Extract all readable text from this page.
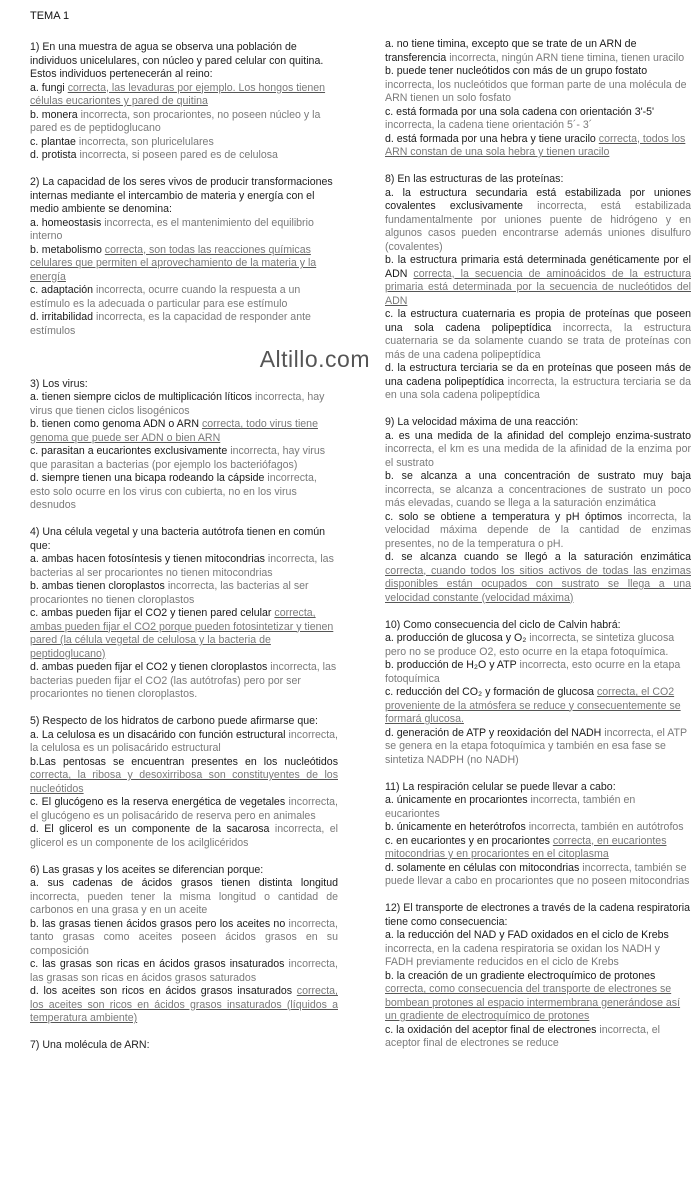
TEMA 1
1) En una muestra de agua se observa una población de individuos unicelulares, con núcleo y pared celular con quitina. Estos individuos pertenecerán al reino:
a. fungi correcta, las levaduras por ejemplo. Los hongos tienen células eucariontes y pared de quitina
b. monera incorrecta, son procariontes, no poseen núcleo y la pared es de peptidoglucano
c. plantae incorrecta, son pluricelulares
d. protista incorrecta, si poseen pared es de celulosa
2) La capacidad de los seres vivos de producir transformaciones internas mediante el intercambio de materia y energía con el medio ambiente se denomina:
a. homeostasis incorrecta, es el mantenimiento del equilibrio interno
b. metabolismo correcta, son todas las reacciones químicas celulares que permiten el aprovechamiento de la materia y la energía
c. adaptación incorrecta, ocurre cuando la respuesta a un estímulo es la adecuada o particular para ese estímulo
d. irritabilidad incorrecta, es la capacidad de responder ante estímulos
Altillo.com
3) Los virus:
a. tienen siempre ciclos de multiplicación líticos incorrecta, hay virus que tienen ciclos lisogénicos
b. tienen como genoma ADN o ARN correcta, todo virus tiene genoma que puede ser ADN o bien ARN
c. parasitan a eucariontes exclusivamente incorrecta, hay virus que parasitan a bacterias (por ejemplo los bacteriófagos)
d. siempre tienen una bicapa rodeando la cápside incorrecta, esto solo ocurre en los virus con cubierta, no en los virus desnudos
4) Una célula vegetal y una bacteria autótrofa tienen en común que:
a. ambas hacen fotosíntesis y tienen mitocondrias incorrecta, las bacterias al ser procariontes no tienen mitocondrias
b. ambas tienen cloroplastos incorrecta, las bacterias al ser procariontes no tienen cloroplastos
c. ambas pueden fijar el CO2 y tienen pared celular correcta, ambas pueden fijar el CO2 porque pueden fotosintetizar y tienen pared (la célula vegetal de celulosa y la bacteria de peptidoglucano)
d. ambas pueden fijar el CO2 y tienen cloroplastos incorrecta, las bacterias pueden fijar el CO2 (las autótrofas) pero por ser procariontes no tienen cloroplastos.
5) Respecto de los hidratos de carbono puede afirmarse que:
a. La celulosa es un disacárido con función estructural incorrecta, la celulosa es un polisacárido estructural
b.Las pentosas se encuentran presentes en los nucleótidos correcta, la ribosa y desoxirribosa son constituyentes de los nucleótidos
c. El glucógeno es la reserva energética de vegetales incorrecta, el glucógeno es un polisacárido de reserva pero en animales
d. El glicerol es un componente de la sacarosa incorrecta, el glicerol es un componente de los acilglicéridos
6) Las grasas y los aceites se diferencian porque:
a. sus cadenas de ácidos grasos tienen distinta longitud incorrecta, pueden tener la misma longitud o cantidad de carbonos en una grasa y en un aceite
b. las grasas tienen ácidos grasos pero los aceites no incorrecta, tanto grasas como aceites poseen ácidos grasos en su composición
c. las grasas son ricas en ácidos grasos insaturados incorrecta, las grasas son ricas en ácidos grasos saturados
d. los aceites son ricos en ácidos grasos insaturados correcta, los aceites son ricos en ácidos grasos insaturados (líquidos a temperatura ambiente)
7) Una molécula de ARN:
a. no tiene timina, excepto que se trate de un ARN de transferencia incorrecta, ningún ARN tiene timina, tienen uracilo
b. puede tener nucleótidos con más de un grupo fostato incorrecta, los nucleótidos que forman parte de una molécula de ARN tienen un solo fosfato
c. está formada por una sola cadena con orientación 3'-5' incorrecta, la cadena tiene orientación 5´- 3´
d. está formada por una hebra y tiene uracilo correcta, todos los ARN constan de una sola hebra y tienen uracilo
8) En las estructuras de las proteínas:
a. la estructura secundaria está estabilizada por uniones covalentes exclusivamente incorrecta, está estabilizada fundamentalmente por uniones puente de hidrógeno y en algunos casos pueden encontrarse además uniones disulfuro (covalentes)
b. la estructura primaria está determinada genéticamente por el ADN correcta, la secuencia de aminoácidos de la estructura primaria está determinada por la secuencia de nucleótidos del ADN
c. la estructura cuaternaria es propia de proteínas que poseen una sola cadena polipeptídica incorrecta, la estructura cuaternaria se da solamente cuando se trata de proteínas con más de una cadena polipeptídica
d. la estructura terciaria se da en proteínas que poseen más de una cadena polipeptídica incorrecta, la estructura terciaria se da en una sola cadena polipeptídica
9) La velocidad máxima de una reacción:
a. es una medida de la afinidad del complejo enzima-sustrato incorrecta, el km es una medida de la afinidad de la enzima por el sustrato
b. se alcanza a una concentración de sustrato muy baja incorrecta, se alcanza a concentraciones de sustrato un poco más elevadas, cuando se llega a la saturación enzimática
c. solo se obtiene a temperatura y pH óptimos incorrecta, la velocidad máxima depende de la cantidad de enzimas presentes, no de la temperatura o pH.
d. se alcanza cuando se llegó a la saturación enzimática correcta, cuando todos los sitios activos de todas las enzimas disponibles están ocupados con sustrato se llega a una velocidad constante (velocidad máxima)
10) Como consecuencia del ciclo de Calvin habrá:
a. producción de glucosa y O₂ incorrecta, se sintetiza glucosa pero no se produce O2, esto ocurre en la etapa fotoquímica.
b. producción de H₂O y ATP incorrecta, esto ocurre en la etapa fotoquímica
c. reducción del CO₂ y formación de glucosa correcta, el CO2 proveniente de la atmósfera se reduce y consecuentemente se formará glucosa.
d. generación de ATP y reoxidación del NADH incorrecta, el ATP se genera en la etapa fotoquímica y también en esa fase se sintetiza NADPH (no NADH)
11) La respiración celular se puede llevar a cabo:
a. únicamente en procariontes incorrecta, también en eucariontes
b. únicamente en heterótrofos incorrecta, también en autótrofos
c. en eucariontes y en procariontes correcta, en eucariontes mitocondrias y en procariontes en el citoplasma
d. solamente en células con mitocondrias incorrecta, también se puede llevar a cabo en procariontes que no poseen mitocondrias
12) El transporte de electrones a través de la cadena respiratoria tiene como consecuencia:
a. la reducción del NAD y FAD oxidados en el ciclo de Krebs incorrecta, en la cadena respiratoria se oxidan los NADH y FADH previamente reducidos en el ciclo de Krebs
b. la creación de un gradiente electroquímico de protones correcta, como consecuencia del transporte de electrones se bombean protones al espacio intermembrana generándose así un gradiente de electroquímico de protones
c. la oxidación del aceptor final de electrones incorrecta, el aceptor final de electrones se reduce
